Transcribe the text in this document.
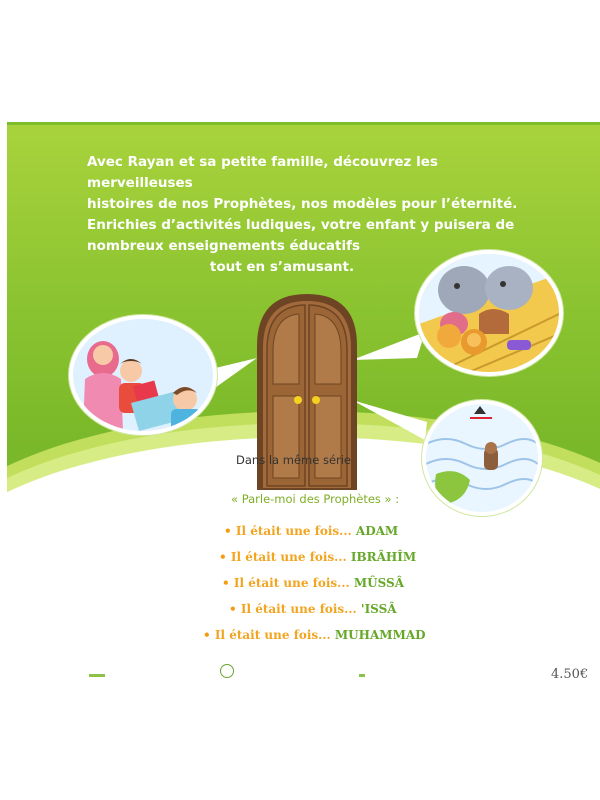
Avec Rayan et sa petite famille, découvrez les merveilleuses
histoires de nos Prophètes, nos modèles pour l’éternité.
Enrichies d’activités ludiques, votre enfant y puisera de
nombreux enseignements éducatifs
tout en s’amusant.
Dans la même série
« Parle-moi des Prophètes » :
• Il était une fois... ADAM
• Il était une fois... IBRÂHÎM
• Il était une fois... MÛSSÂ
• Il était une fois... 'ISSÂ
• Il était une fois... MUHAMMAD
4.50€
